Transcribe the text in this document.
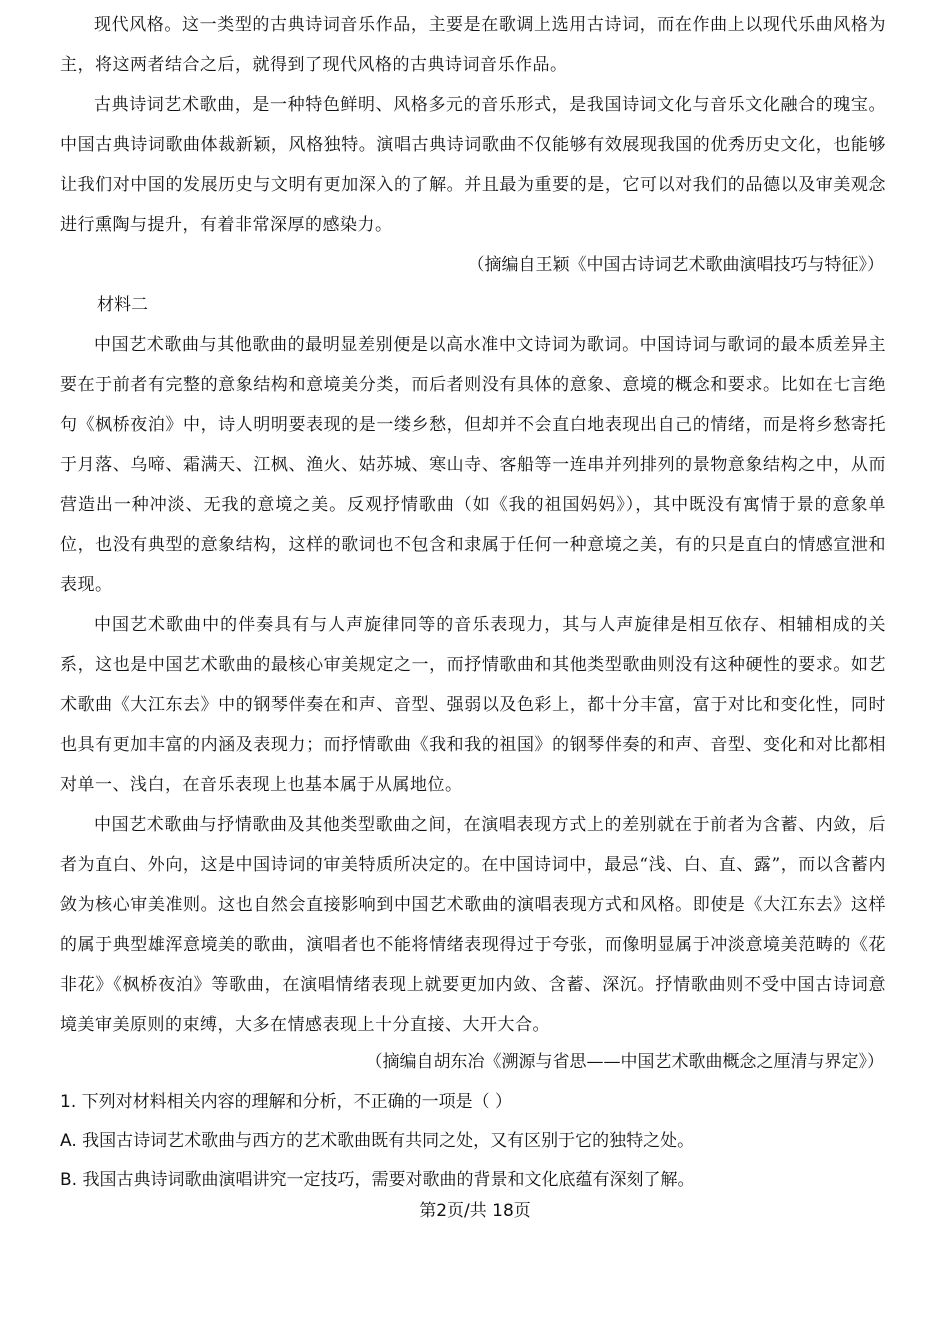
现代风格。这一类型的古典诗词音乐作品，主要是在歌调上选用古诗词，而在作曲上以现代乐曲风格为主，将这两者结合之后，就得到了现代风格的古典诗词音乐作品。

古典诗词艺术歌曲，是一种特色鲜明、风格多元的音乐形式，是我国诗词文化与音乐文化融合的瑰宝。中国古典诗词歌曲体裁新颖，风格独特。演唱古典诗词歌曲不仅能够有效展现我国的优秀历史文化，也能够让我们对中国的发展历史与文明有更加深入的了解。并且最为重要的是，它可以对我们的品德以及审美观念进行熏陶与提升，有着非常深厚的感染力。

（摘编自王颖《中国古诗词艺术歌曲演唱技巧与特征》）
材料二

中国艺术歌曲与其他歌曲的最明显差别便是以高水准中文诗词为歌词。中国诗词与歌词的最本质差异主要在于前者有完整的意象结构和意境美分类，而后者则没有具体的意象、意境的概念和要求。比如在七言绝句《枫桥夜泊》中，诗人明明要表现的是一缕乡愁，但却并不会直白地表现出自己的情绪，而是将乡愁寄托于月落、乌啼、霜满天、江枫、渔火、姑苏城、寒山寺、客船等一连串并列排列的景物意象结构之中，从而营造出一种冲淡、无我的意境之美。反观抒情歌曲（如《我的祖国妈妈》），其中既没有寓情于景的意象单位，也没有典型的意象结构，这样的歌词也不包含和隶属于任何一种意境之美，有的只是直白的情感宣泄和表现。

中国艺术歌曲中的伴奏具有与人声旋律同等的音乐表现力，其与人声旋律是相互依存、相辅相成的关系，这也是中国艺术歌曲的最核心审美规定之一，而抒情歌曲和其他类型歌曲则没有这种硬性的要求。如艺术歌曲《大江东去》中的钢琴伴奏在和声、音型、强弱以及色彩上，都十分丰富，富于对比和变化性，同时也具有更加丰富的内涵及表现力；而抒情歌曲《我和我的祖国》的钢琴伴奏的和声、音型、变化和对比都相对单一、浅白，在音乐表现上也基本属于从属地位。

中国艺术歌曲与抒情歌曲及其他类型歌曲之间，在演唱表现方式上的差别就在于前者为含蓄、内敛，后者为直白、外向，这是中国诗词的审美特质所决定的。在中国诗词中，最忌“浅、白、直、露”，而以含蓄内敛为核心审美准则。这也自然会直接影响到中国艺术歌曲的演唱表现方式和风格。即使是《大江东去》这样的属于典型雄浑意境美的歌曲，演唱者也不能将情绪表现得过于夸张，而像明显属于冲淡意境美范畴的《花非花》《枫桥夜泊》等歌曲，在演唱情绪表现上就要更加内敛、含蓄、深沉。抒情歌曲则不受中国古诗词意境美审美原则的束缚，大多在情感表现上十分直接、大开大合。

（摘编自胡东冶《溯源与省思——中国艺术歌曲概念之厘清与界定》）
1. 下列对材料相关内容的理解和分析，不正确的一项是（ ）
A. 我国古诗词艺术歌曲与西方的艺术歌曲既有共同之处，又有区别于它的独特之处。
B. 我国古典诗词歌曲演唱讲究一定技巧，需要对歌曲的背景和文化底蕴有深刻了解。
第2页/共 18页
